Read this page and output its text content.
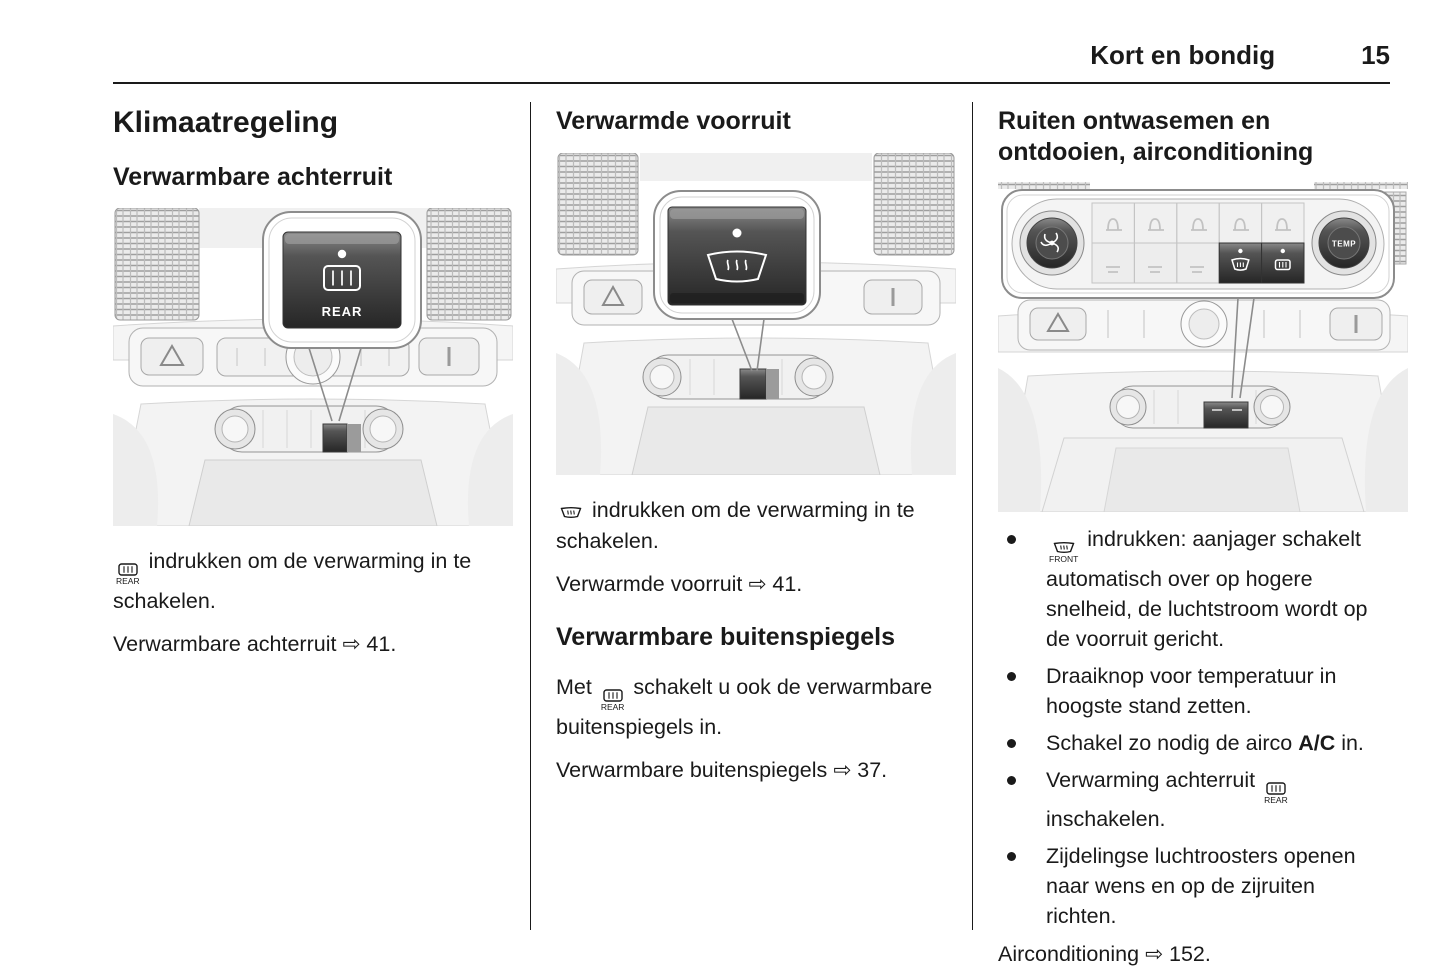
Kort en bondig	15
Klimaatregeling
Verwarmbare achterruit
REAR

REAR
indrukken om de verwarming in te schakelen.

Verwarmbare achterruit ⇨ 41.

Verwarmde voorruit

indrukken om de verwarming in te schakelen.

Verwarmde voorruit ⇨ 41.

Verwarmbare buitenspiegels

Met
REAR
schakelt u ook de verwarmbare buitenspiegels in.

Verwarmbare buitenspiegels ⇨ 37.

Ruiten ontwasemen en
ontdooien, airconditioning
TEMP
FRONT
indrukken: aanjager schakelt automatisch over op hogere snelheid, de luchtstroom wordt op de voorruit gericht.
Draaiknop voor temperatuur in hoogste stand zetten.
Schakel zo nodig de airco A/C in.
Verwarming achterruit
REAR
inschakelen.
Zijdelingse luchtroosters openen naar wens en op de zijruiten richten.

Airconditioning ⇨ 152.
